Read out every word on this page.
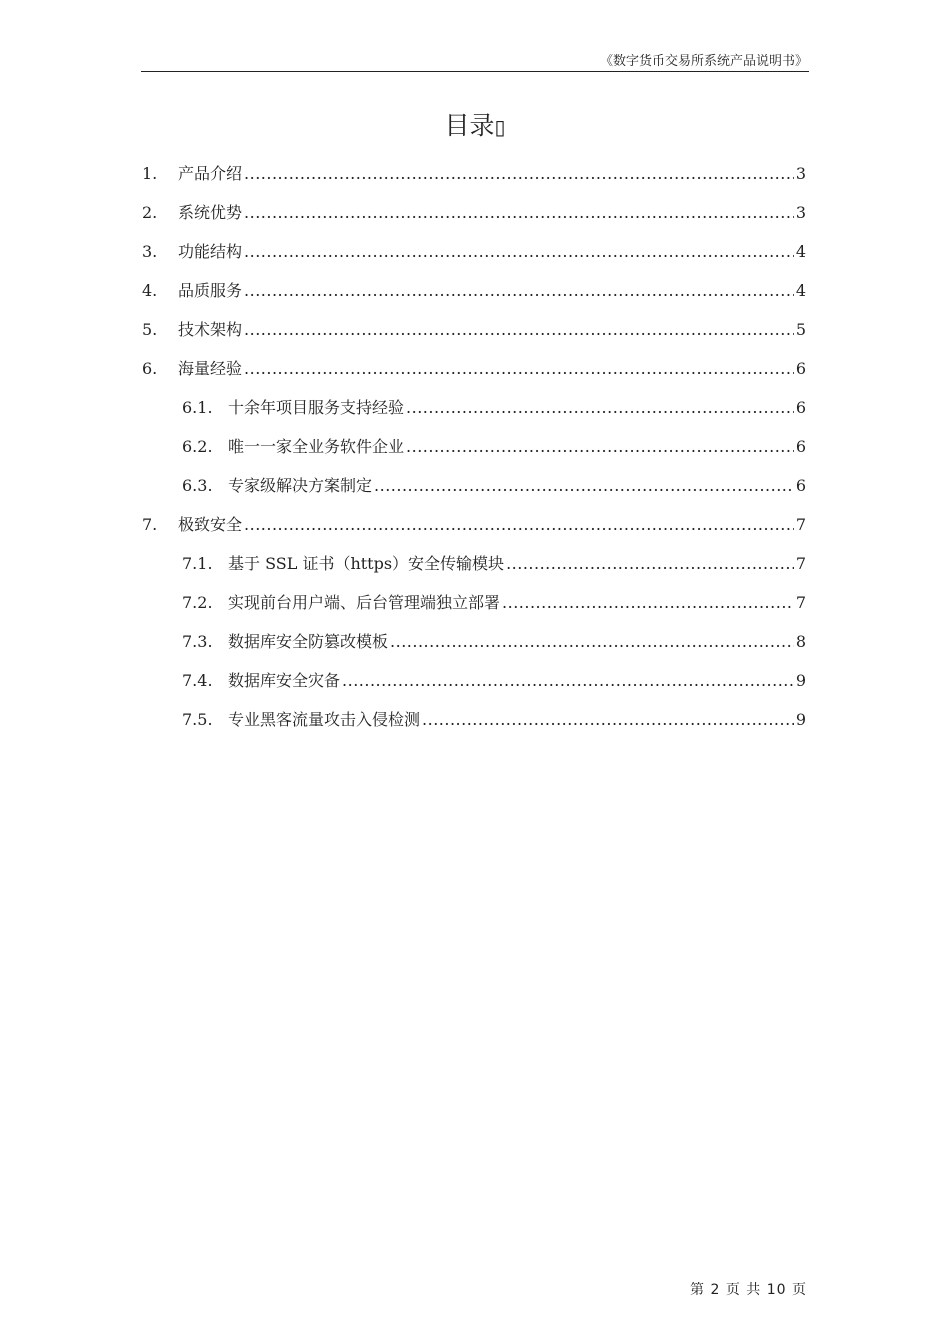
《数字货币交易所系统产品说明书》
目录▯
1.	产品介绍 .....	3
2.	系统优势 .....	3
3.	功能结构 .....	4
4.	品质服务 .....	4
5.	技术架构 .....	5
6.	海量经验 .....	6
6.1. 十余年项目服务支持经验 .....	6
6.2. 唯一一家全业务软件企业 .....	6
6.3. 专家级解决方案制定 .....	6
7.	极致安全 .....	7
7.1. 基于 SSL 证书（https）安全传输模块 .....	7
7.2. 实现前台用户端、后台管理端独立部署 .....	7
7.3. 数据库安全防篡改模板 .....	8
7.4. 数据库安全灾备 .....	9
7.5. 专业黑客流量攻击入侵检测 .....	9
第 2 页 共 10 页
